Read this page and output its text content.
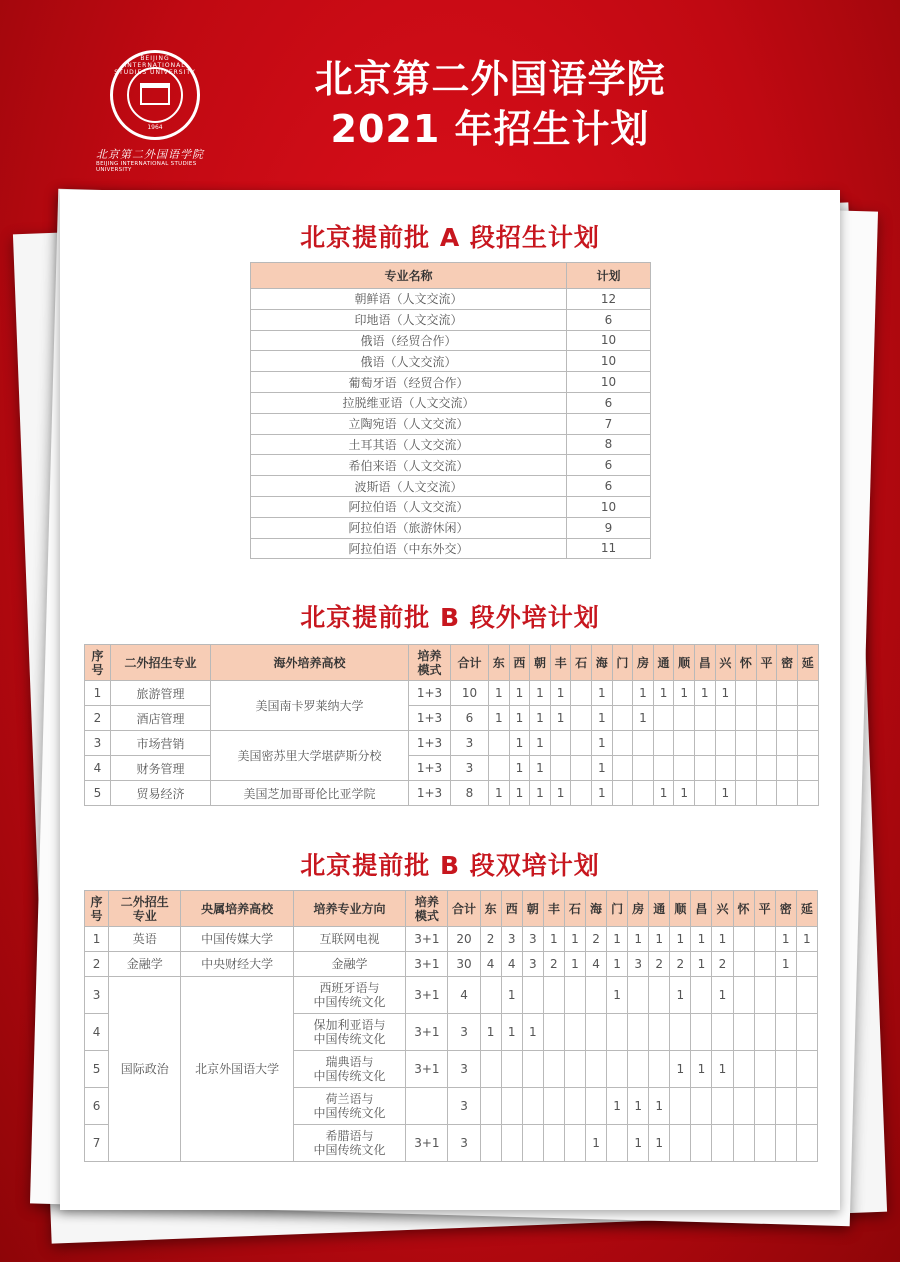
BEIJING INTERNATIONAL STUDIES UNIVERSITY
1964
北京第二外国语学院
BEIJING INTERNATIONAL STUDIES UNIVERSITY
北京第二外国语学院
2021 年招生计划
北京提前批 A 段招生计划
专业名称	计划
朝鲜语（人文交流）	12
印地语（人文交流）	6
俄语（经贸合作）	10
俄语（人文交流）	10
葡萄牙语（经贸合作）	10
拉脱维亚语（人文交流）	6
立陶宛语（人文交流）	7
土耳其语（人文交流）	8
希伯来语（人文交流）	6
波斯语（人文交流）	6
阿拉伯语（人文交流）	10
阿拉伯语（旅游休闲）	9
阿拉伯语（中东外交）	11
北京提前批 B 段外培计划
序
号	二外招生专业	海外培养高校	培养
模式	合计	东	西	朝	丰	石	海	门	房	通	顺	昌	兴	怀	平	密	延
1	旅游管理	美国南卡罗莱纳大学	1+3	10	1	1	1	1		1		1	1	1	1	1				
2	酒店管理		1+3	6	1	1	1	1		1		1								
3	市场营销	美国密苏里大学堪萨斯分校	1+3	3		1	1			1										
4	财务管理		1+3	3		1	1			1										
5	贸易经济	美国芝加哥哥伦比亚学院	1+3	8	1	1	1	1		1			1	1		1				
北京提前批 B 段双培计划
序
号	二外招生
专业	央属培养高校	培养专业方向	培养
模式	合计	东	西	朝	丰	石	海	门	房	通	顺	昌	兴	怀	平	密	延
1	英语	中国传媒大学	互联网电视	3+1	20	2	3	3	1	1	2	1	1	1	1	1	1			1	1
2	金融学	中央财经大学	金融学	3+1	30	4	4	3	2	1	4	1	3	2	2	1	2			1	
3	国际政治	北京外国语大学	西班牙语与
中国传统文化	3+1	4		1					1			1		1				
4			保加利亚语与
中国传统文化	3+1	3	1	1	1													
5			瑞典语与
中国传统文化	3+1	3										1	1	1				
6			荷兰语与
中国传统文化		3							1	1	1							
7			希腊语与
中国传统文化	3+1	3						1		1	1							
